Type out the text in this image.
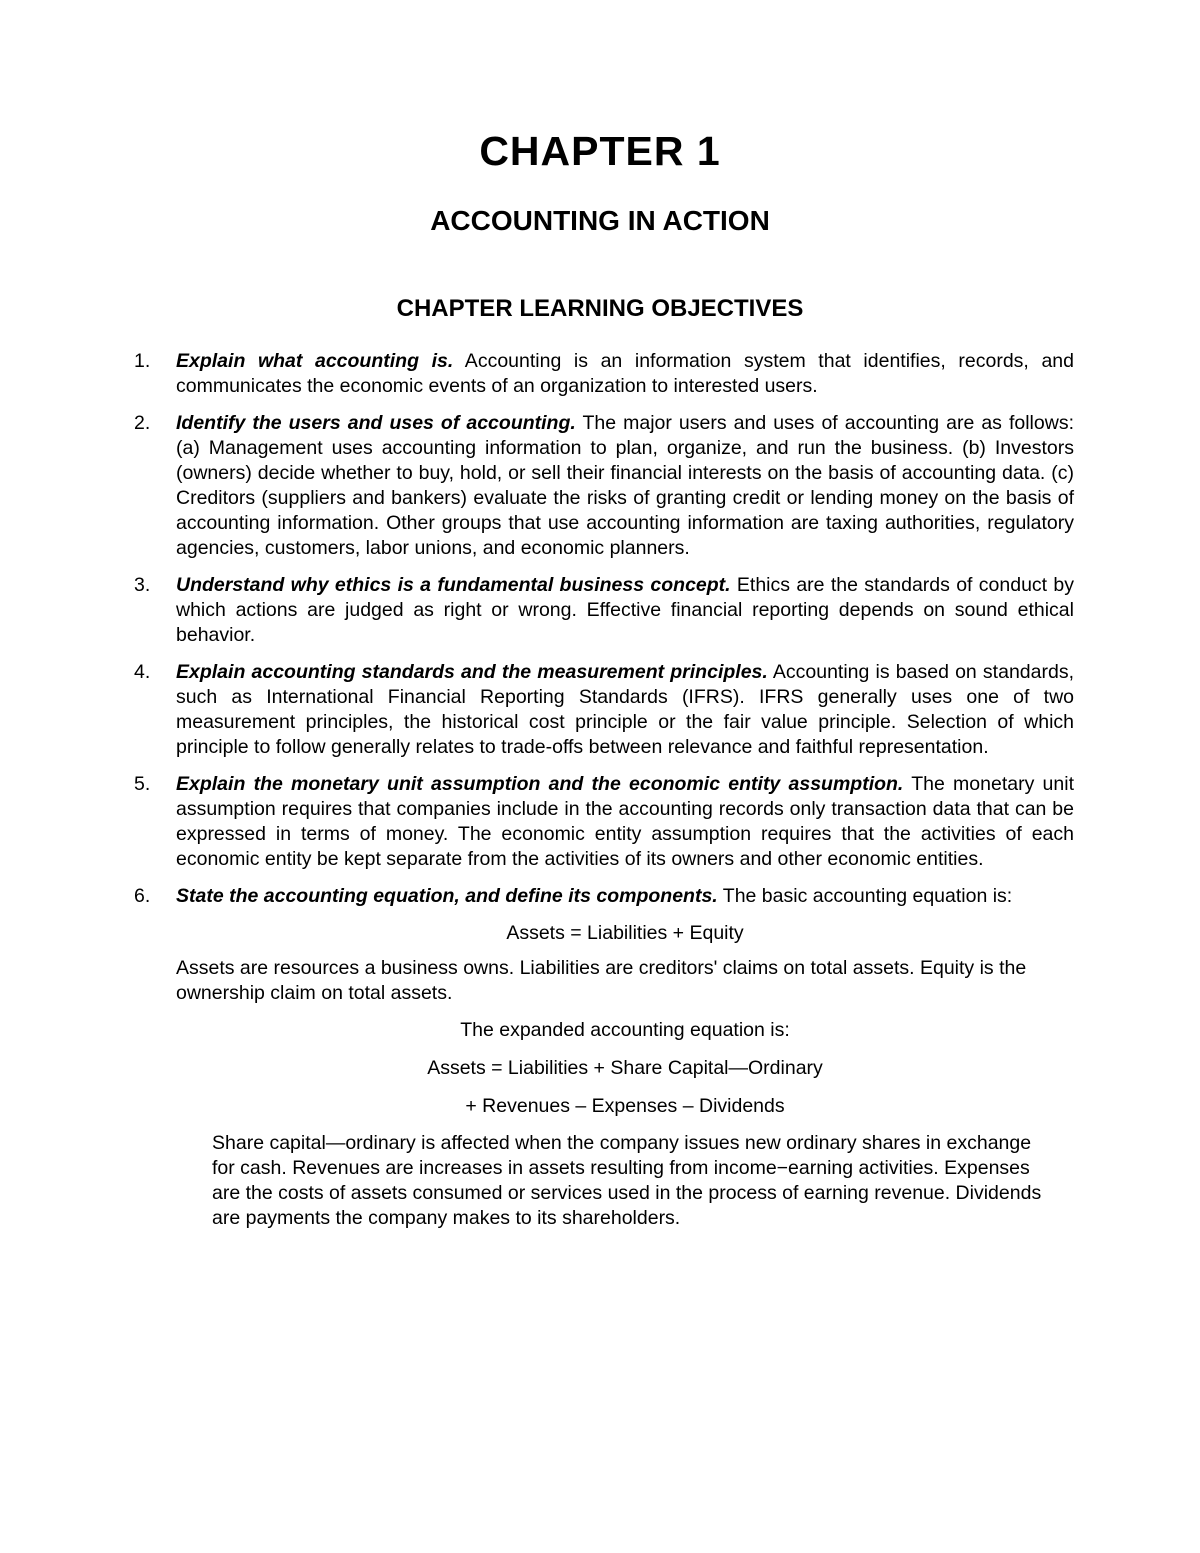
CHAPTER 1
ACCOUNTING IN ACTION
CHAPTER LEARNING OBJECTIVES
1. Explain what accounting is. Accounting is an information system that identifies, records, and communicates the economic events of an organization to interested users.
2. Identify the users and uses of accounting. The major users and uses of accounting are as follows: (a) Management uses accounting information to plan, organize, and run the business. (b) Investors (owners) decide whether to buy, hold, or sell their financial interests on the basis of accounting data. (c) Creditors (suppliers and bankers) evaluate the risks of granting credit or lending money on the basis of accounting information. Other groups that use accounting information are taxing authorities, regulatory agencies, customers, labor unions, and economic planners.
3. Understand why ethics is a fundamental business concept. Ethics are the standards of conduct by which actions are judged as right or wrong. Effective financial reporting depends on sound ethical behavior.
4. Explain accounting standards and the measurement principles. Accounting is based on standards, such as International Financial Reporting Standards (IFRS). IFRS generally uses one of two measurement principles, the historical cost principle or the fair value principle. Selection of which principle to follow generally relates to trade-offs between relevance and faithful representation.
5. Explain the monetary unit assumption and the economic entity assumption. The monetary unit assumption requires that companies include in the accounting records only transaction data that can be expressed in terms of money. The economic entity assumption requires that the activities of each economic entity be kept separate from the activities of its owners and other economic entities.
6. State the accounting equation, and define its components. The basic accounting equation is:

Assets = Liabilities + Equity

Assets are resources a business owns. Liabilities are creditors' claims on total assets. Equity is the ownership claim on total assets.

The expanded accounting equation is:

Assets = Liabilities + Share Capital—Ordinary

+ Revenues – Expenses – Dividends

Share capital—ordinary is affected when the company issues new ordinary shares in exchange for cash. Revenues are increases in assets resulting from income−earning activities. Expenses are the costs of assets consumed or services used in the process of earning revenue. Dividends are payments the company makes to its shareholders.
